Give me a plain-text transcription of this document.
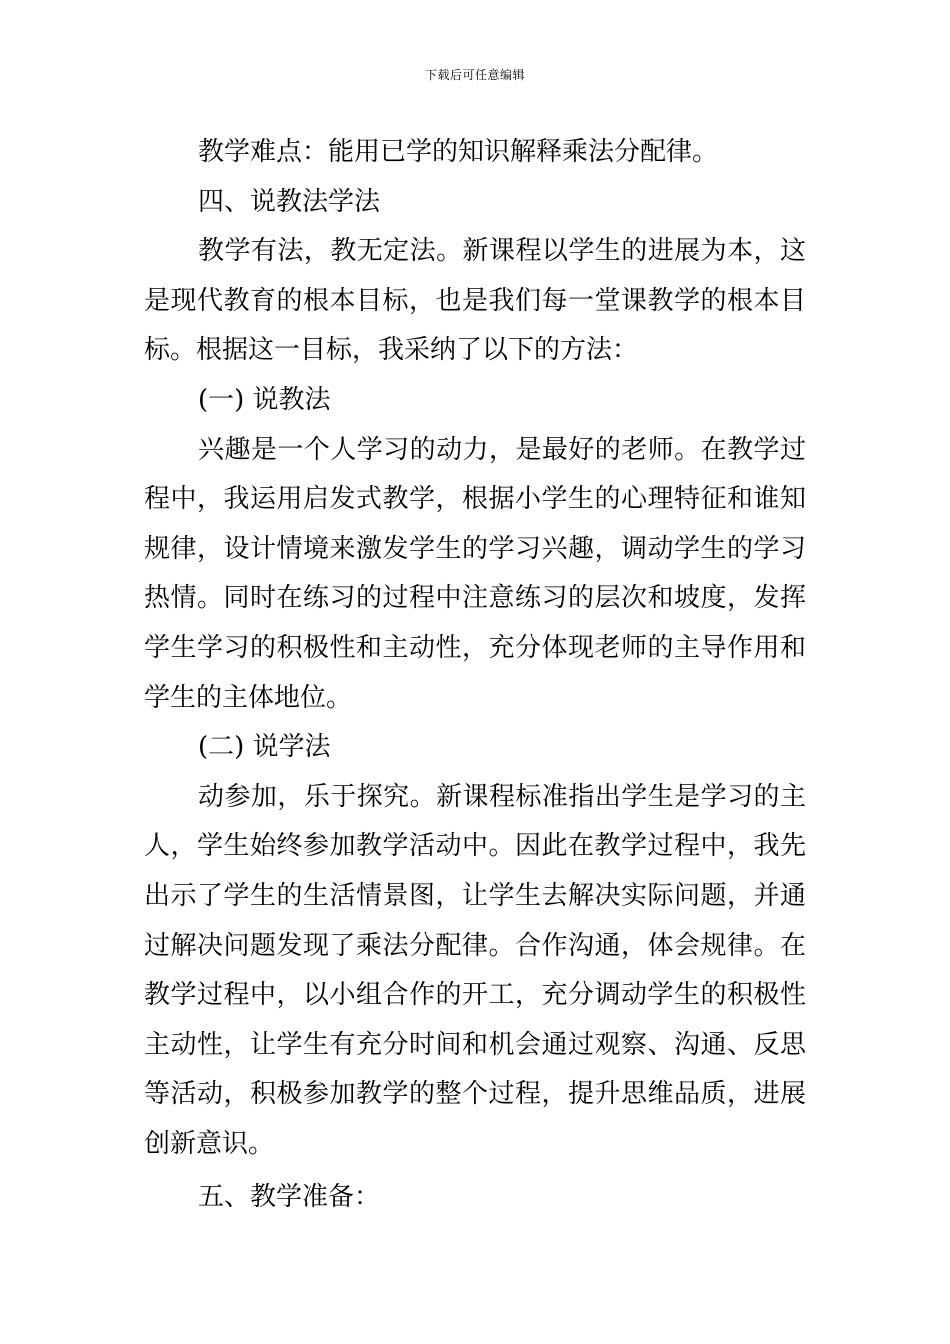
下载后可任意编辑
教学难点：能用已学的知识解释乘法分配律。
四、说教法学法
教学有法，教无定法。新课程以学生的进展为本，这
是现代教育的根本目标，也是我们每一堂课教学的根本目
标。根据这一目标，我采纳了以下的方法：
(一) 说教法
兴趣是一个人学习的动力，是最好的老师。在教学过
程中，我运用启发式教学，根据小学生的心理特征和谁知
规律，设计情境来激发学生的学习兴趣，调动学生的学习
热情。同时在练习的过程中注意练习的层次和坡度，发挥
学生学习的积极性和主动性，充分体现老师的主导作用和
学生的主体地位。
(二) 说学法
动参加，乐于探究。新课程标准指出学生是学习的主
人，学生始终参加教学活动中。因此在教学过程中，我先
出示了学生的生活情景图，让学生去解决实际问题，并通
过解决问题发现了乘法分配律。合作沟通，体会规律。在
教学过程中，以小组合作的开工，充分调动学生的积极性
主动性，让学生有充分时间和机会通过观察、沟通、反思
等活动，积极参加教学的整个过程，提升思维品质，进展
创新意识。
五、教学准备：
